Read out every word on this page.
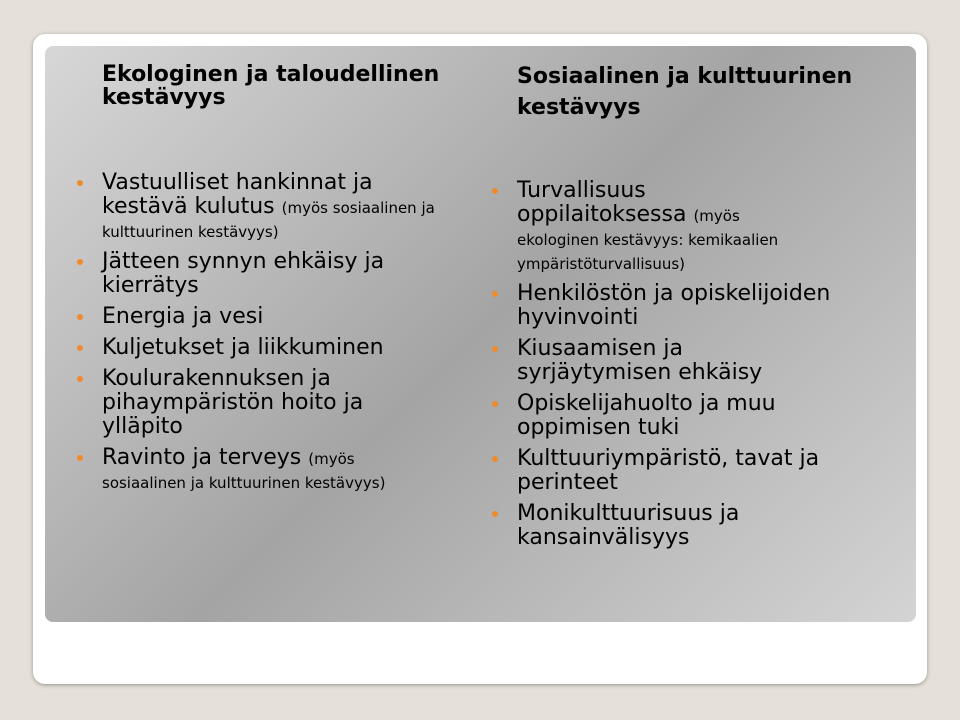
Ekologinen ja taloudellinen kestävyys
Vastuulliset hankinnat ja kestävä kulutus (myös sosiaalinen ja kulttuurinen kestävyys)
Jätteen synnyn ehkäisy ja kierrätys
Energia ja vesi
Kuljetukset ja liikkuminen
Koulurakennuksen ja pihaympäristön hoito ja ylläpito
Ravinto ja terveys (myös sosiaalinen ja kulttuurinen kestävyys)
Sosiaalinen ja kulttuurinen kestävyys
Turvallisuus oppilaitoksessa (myös ekologinen kestävyys: kemikaalien ympäristöturvallisuus)
Henkilöstön ja opiskelijoiden hyvinvointi
Kiusaamisen ja syrjäytymisen ehkäisy
Opiskelijahuolto ja muu oppimisen tuki
Kulttuuriympäristö, tavat ja perinteet
Monikulttuurisuus ja kansainvälisyys
